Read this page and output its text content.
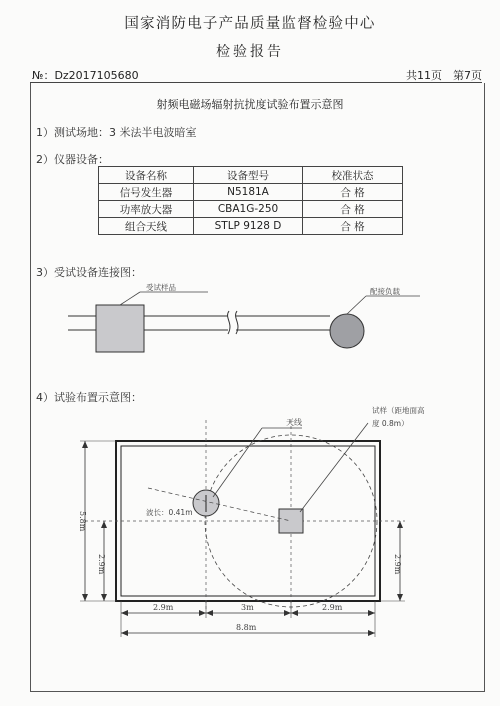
国家消防电子产品质量监督检验中心
检验报告
№：Dz2017105680	共11页　第7页
射频电磁场辐射抗扰度试验布置示意图
1）测试场地：3 米法半电波暗室
2）仪器设备：
设备名称	设备型号	校准状态
信号发生器	N5181A	合 格
功率放大器	CBA1G-250	合 格
组合天线	STLP 9128 D	合 格
3）受试设备连接图：
4）试验布置示意图：
受试样品	配接负载
天线
试样（距地面高
度 0.8m）
波长：0.41m
5.8m
2.9m	2.9m
2.9m	3m	2.9m
8.8m
